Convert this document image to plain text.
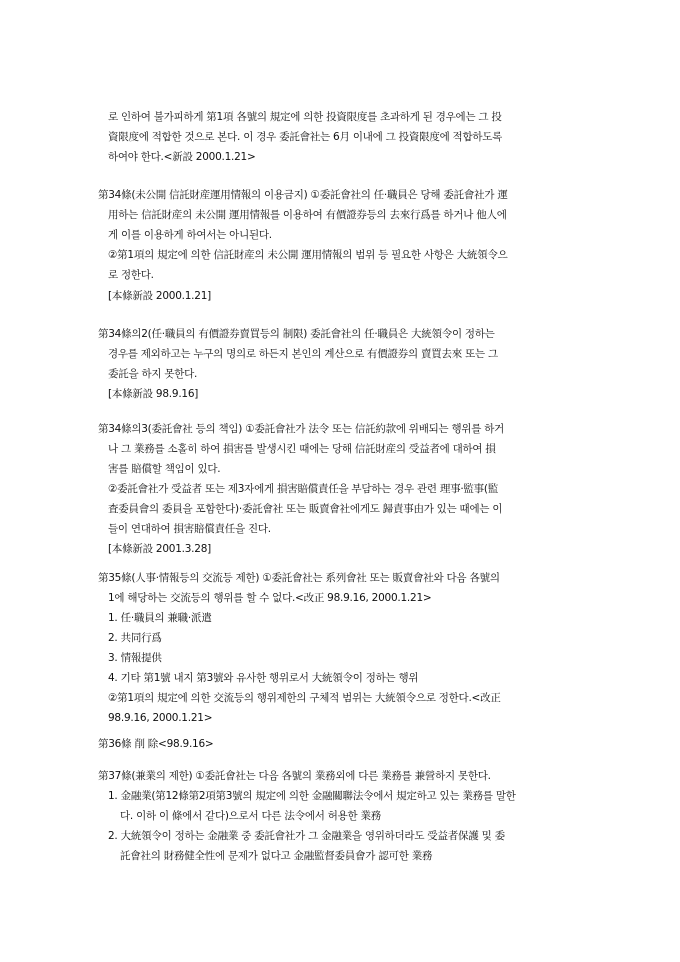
로 인하여 불가피하게 第1項 各號의 規定에 의한 投資限度를 초과하게 된 경우에는 그 投
資限度에 적합한 것으로 본다. 이 경우 委託會社는 6月 이내에 그 投資限度에 적합하도록
하여야 한다.<新設 2000.1.21>
第34條(未公開 信託財産運用情報의 이용금지) ①委託會社의 任·職員은 당해 委託會社가 運
用하는 信託財産의 未公開 運用情報를 이용하여 有價證券등의 去來行爲를 하거나 他人에
게 이를 이용하게 하여서는 아니된다.
②第1項의 規定에 의한 信託財産의 未公開 運用情報의 범위 등 필요한 사항은 大統領令으
로 정한다.
[本條新設 2000.1.21]
第34條의2(任·職員의 有價證券賣買등의 制限) 委託會社의 任·職員은 大統領令이 정하는
경우를 제외하고는 누구의 명의로 하든지 본인의 계산으로 有價證券의 賣買去來 또는 그
委託을 하지 못한다.
[本條新設 98.9.16]
第34條의3(委託會社 등의 책임) ①委託會社가 法令 또는 信託約款에 위배되는 행위를 하거
나 그 業務를 소홀히 하여 損害를 발생시킨 때에는 당해 信託財産의 受益者에 대하여 損
害를 賠償할 책임이 있다.
②委託會社가 受益者 또는 제3자에게 損害賠償責任을 부담하는 경우 관련 理事·監事(監
査委員會의 委員을 포함한다)·委託會社 또는 販賣會社에게도 歸責事由가 있는 때에는 이
들이 연대하여 損害賠償責任을 진다.
[本條新設 2001.3.28]
第35條(人事·情報등의 交流등 제한) ①委託會社는 系列會社 또는 販賣會社와 다음 各號의
1에 해당하는 交流등의 행위를 할 수 없다.<改正 98.9.16, 2000.1.21>
1. 任·職員의 兼職·派遣
2. 共同行爲
3. 情報提供
4. 기타 第1號 내지 第3號와 유사한 행위로서 大統領令이 정하는 행위
②第1項의 規定에 의한 交流등의 행위제한의 구체적 범위는 大統領令으로 정한다.<改正
98.9.16, 2000.1.21>
第36條 削 除<98.9.16>
第37條(兼業의 제한) ①委託會社는 다음 各號의 業務외에 다른 業務를 兼營하지 못한다.
1. 金融業(第12條第2項第3號의 規定에 의한 金融關聯法令에서 規定하고 있는 業務를 말한
다. 이하 이 條에서 같다)으로서 다른 法令에서 허용한 業務
2. 大統領令이 정하는 金融業 중 委託會社가 그 金融業을 영위하더라도 受益者保護 및 委
託會社의 財務健全性에 문제가 없다고 金融監督委員會가 認可한 業務
